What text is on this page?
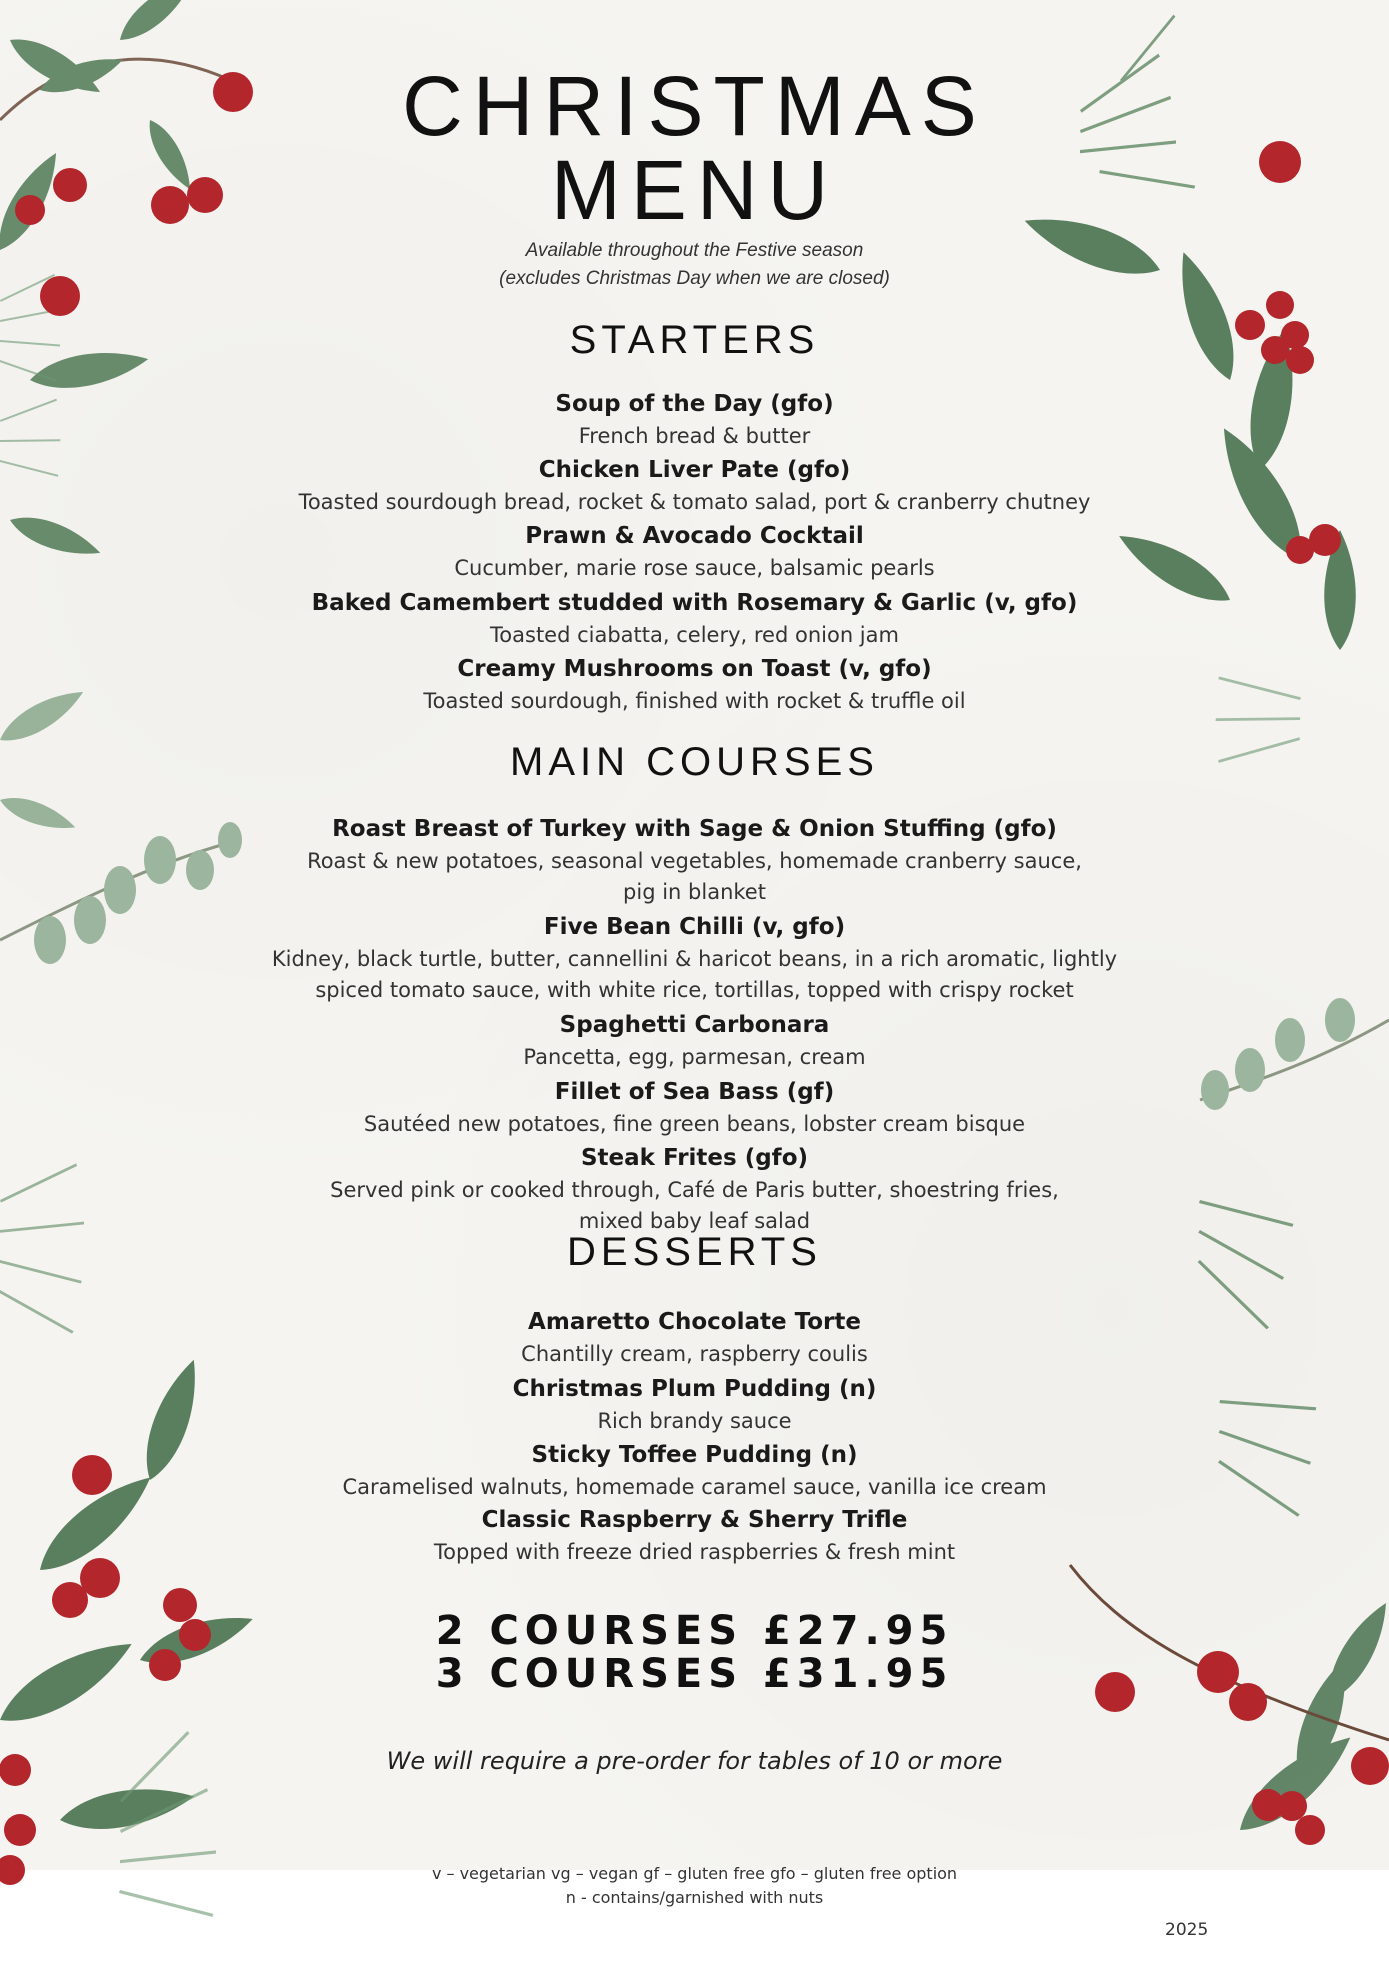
CHRISTMAS
MENU
Available throughout the Festive season
(excludes Christmas Day when we are closed)
STARTERS
Soup of the Day (gfo)
French bread & butter
Chicken Liver Pate (gfo)
Toasted sourdough bread, rocket & tomato salad, port & cranberry chutney
Prawn & Avocado Cocktail
Cucumber, marie rose sauce, balsamic pearls
Baked Camembert studded with Rosemary & Garlic (v, gfo)
Toasted ciabatta, celery, red onion jam
Creamy Mushrooms on Toast (v, gfo)
Toasted sourdough, finished with rocket & truffle oil
MAIN COURSES
Roast Breast of Turkey with Sage & Onion Stuffing (gfo)
Roast & new potatoes, seasonal vegetables, homemade cranberry sauce,
pig in blanket
Five Bean Chilli (v, gfo)
Kidney, black turtle, butter, cannellini & haricot beans, in a rich aromatic, lightly
spiced tomato sauce, with white rice, tortillas, topped with crispy rocket
Spaghetti Carbonara
Pancetta, egg, parmesan, cream
Fillet of Sea Bass (gf)
Sautéed new potatoes, fine green beans, lobster cream bisque
Steak Frites (gfo)
Served pink or cooked through, Café de Paris butter, shoestring fries,
mixed baby leaf salad
DESSERTS
Amaretto Chocolate Torte
Chantilly cream, raspberry coulis
Christmas Plum Pudding (n)
Rich brandy sauce
Sticky Toffee Pudding (n)
Caramelised walnuts, homemade caramel sauce, vanilla ice cream
Classic Raspberry & Sherry Trifle
Topped with freeze dried raspberries & fresh mint
2 COURSES £27.95
3 COURSES £31.95
We will require a pre-order for tables of 10 or more
v – vegetarian vg – vegan gf – gluten free gfo – gluten free option
n - contains/garnished with nuts
2025
